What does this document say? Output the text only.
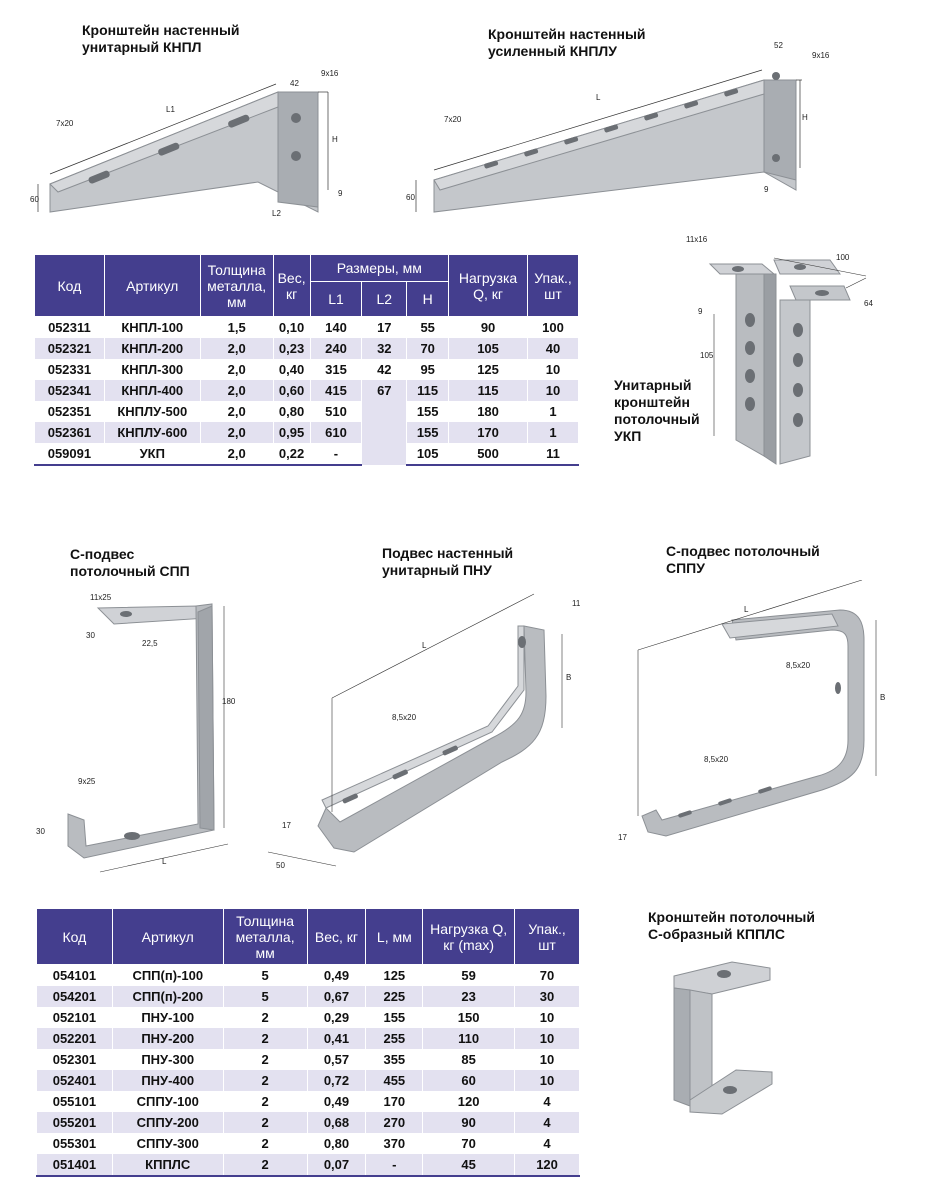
Кронштейн настенный
унитарный КНПЛ
Кронштейн настенный
усиленный КНПЛУ
Унитарный
кронштейн
потолочный
УКП
С-подвес
потолочный СПП
Подвес настенный
унитарный ПНУ
С-подвес потолочный
СППУ
Кронштейн потолочный
С-образный КППЛС
7x20
9x16
42
L1
H
60
L2
9
7x20
9x16
52
L
H
60
9
11x16
100
64
9
105
11x25
30
22,5
180
9x25
30
L
11
L
B
8,5x20
17
50
L
8,5x20
B
8,5x20
17
Код	Артикул	Толщина
металла,
мм	Вес,
кг	Размеры, мм			Нагрузка
Q, кг	Упак.,
шт
				L1	L2	H		
052311	КНПЛ-100	1,5	0,10	140	17	55	90	100
052321	КНПЛ-200	2,0	0,23	240	32	70	105	40
052331	КНПЛ-300	2,0	0,40	315	42	95	125	10
052341	КНПЛ-400	2,0	0,60	415	67	115	115	10
052351	КНПЛУ-500	2,0	0,80	510		155	180	1
052361	КНПЛУ-600	2,0	0,95	610		155	170	1
059091	УКП	2,0	0,22	-		105	500	11
Код	Артикул	Толщина
металла,
мм	Вес, кг	L, мм	Нагрузка Q,
кг (max)	Упак.,
шт
054101	СПП(п)-100	5	0,49	125	59	70
054201	СПП(п)-200	5	0,67	225	23	30
052101	ПНУ-100	2	0,29	155	150	10
052201	ПНУ-200	2	0,41	255	110	10
052301	ПНУ-300	2	0,57	355	85	10
052401	ПНУ-400	2	0,72	455	60	10
055101	СППУ-100	2	0,49	170	120	4
055201	СППУ-200	2	0,68	270	90	4
055301	СППУ-300	2	0,80	370	70	4
051401	КППЛС	2	0,07	-	45	120
